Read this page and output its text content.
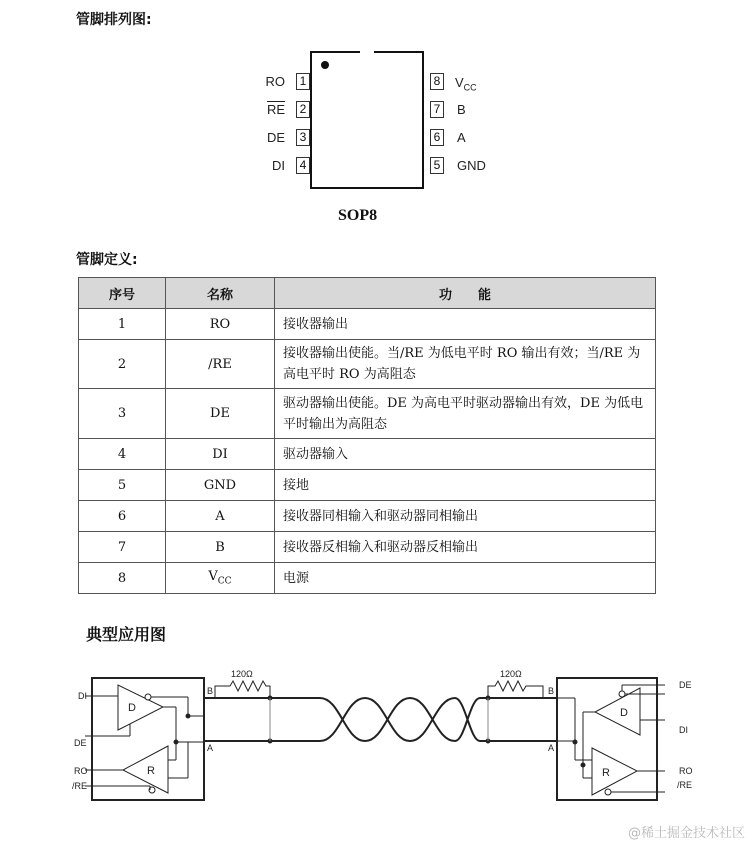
管脚排列图:
1
2
3
4
RO
$\overline{RE}$
DE
DI
8
7
6
5
$V_{CC}$
B
A
GND
SOP8
管脚定义:
序号	名称	功　　能
1	RO	接收器输出
2	/RE	接收器输出使能。当/RE 为低电平时 RO 输出有效；当/RE 为高电平时 RO 为高阻态
3	DE	驱动器输出使能。DE 为高电平时驱动器输出有效，DE 为低电平时输出为高阻态
4	DI	驱动器输入
5	GND	接地
6	A	接收器同相输入和驱动器同相输出
7	B	接收器反相输入和驱动器反相输出
8	$V_{CC}$	电源
典型应用图
D
R
DI
DE
RO
/RE
B
A
120Ω	120Ω
B
A
D
R
DE
DI
RO
/RE
@稀土掘金技术社区
